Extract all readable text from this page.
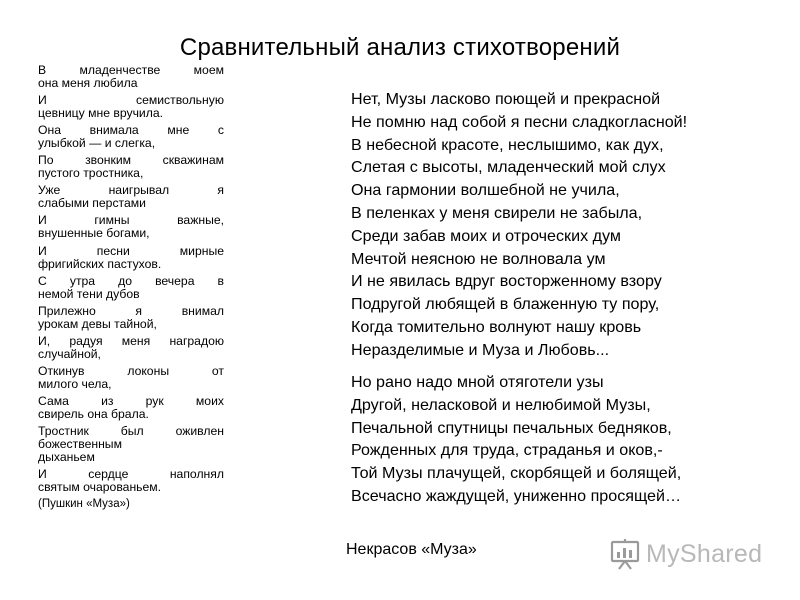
Сравнительный анализ стихотворений
В младенчестве моем
она меня любила
И семиствольную
цевницу мне вручила.
Она внимала мне с
улыбкой — и слегка,
По звонким скважинам
пустого тростника,
Уже наигрывал я
слабыми перстами
И гимны важные,
внушенные богами,
И песни мирные
фригийских пастухов.
С утра до вечера в
немой тени дубов
Прилежно я внимал
урокам девы тайной,
И, радуя меня наградою
случайной,
Откинув локоны от
милого чела,
Сама из рук моих
свирель она брала.
Тростник был оживлен
божественным
дыханьем
И сердце наполнял
святым очарованьем.
(Пушкин «Муза»)
Нет, Музы ласково поющей и прекрасной
Не помню над собой я песни сладкогласной!
В небесной красоте, неслышимо, как дух,
Слетая с высоты, младенческий мой слух
Она гармонии волшебной не учила,
В пеленках у меня свирели не забыла,
Среди забав моих и отроческих дум
Мечтой неясною не волновала ум
И не явилась вдруг восторженному взору
Подругой любящей в блаженную ту пору,
Когда томительно волнуют нашу кровь
Неразделимые и Муза и Любовь...
Но рано надо мной отяготели узы
Другой, неласковой и нелюбимой Музы,
Печальной спутницы печальных бедняков,
Рожденных для труда, страданья и оков,-
Той Музы плачущей, скорбящей и болящей,
Всечасно жаждущей, униженно просящей…
Некрасов «Муза»	MyShared
